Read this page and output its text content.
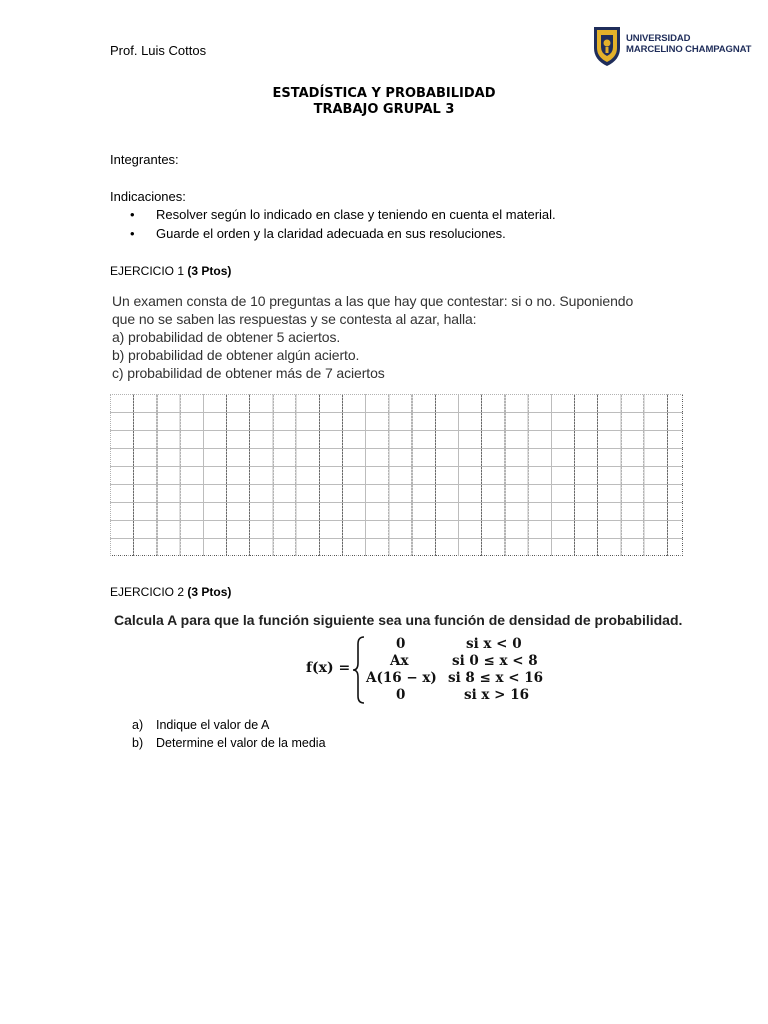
Prof. Luis Cottos
UNIVERSIDAD
MARCELINO CHAMPAGNAT
ESTADÍSTICA Y PROBABILIDAD
TRABAJO GRUPAL 3
Integrantes:
Indicaciones:
• Resolver según lo indicado en clase y teniendo en cuenta el material.
• Guarde el orden y la claridad adecuada en sus resoluciones.
EJERCICIO 1 (3 Ptos)
Un examen consta de 10 preguntas a las que hay que contestar: si o no. Suponiendo
que no se saben las respuestas y se contesta al azar, halla:
a) probabilidad de obtener 5 aciertos.
b) probabilidad de obtener algún acierto.
c) probabilidad de obtener más de 7 aciertos
EJERCICIO 2 (3 Ptos)
Calcula A para que la función siguiente sea una función de densidad de probabilidad.
f(x) =
0	si x < 0
Ax	si 0 ≤ x < 8
A(16 − x) si 8 ≤ x < 16
0	si x > 16
a) Indique el valor de A
b) Determine el valor de la media
